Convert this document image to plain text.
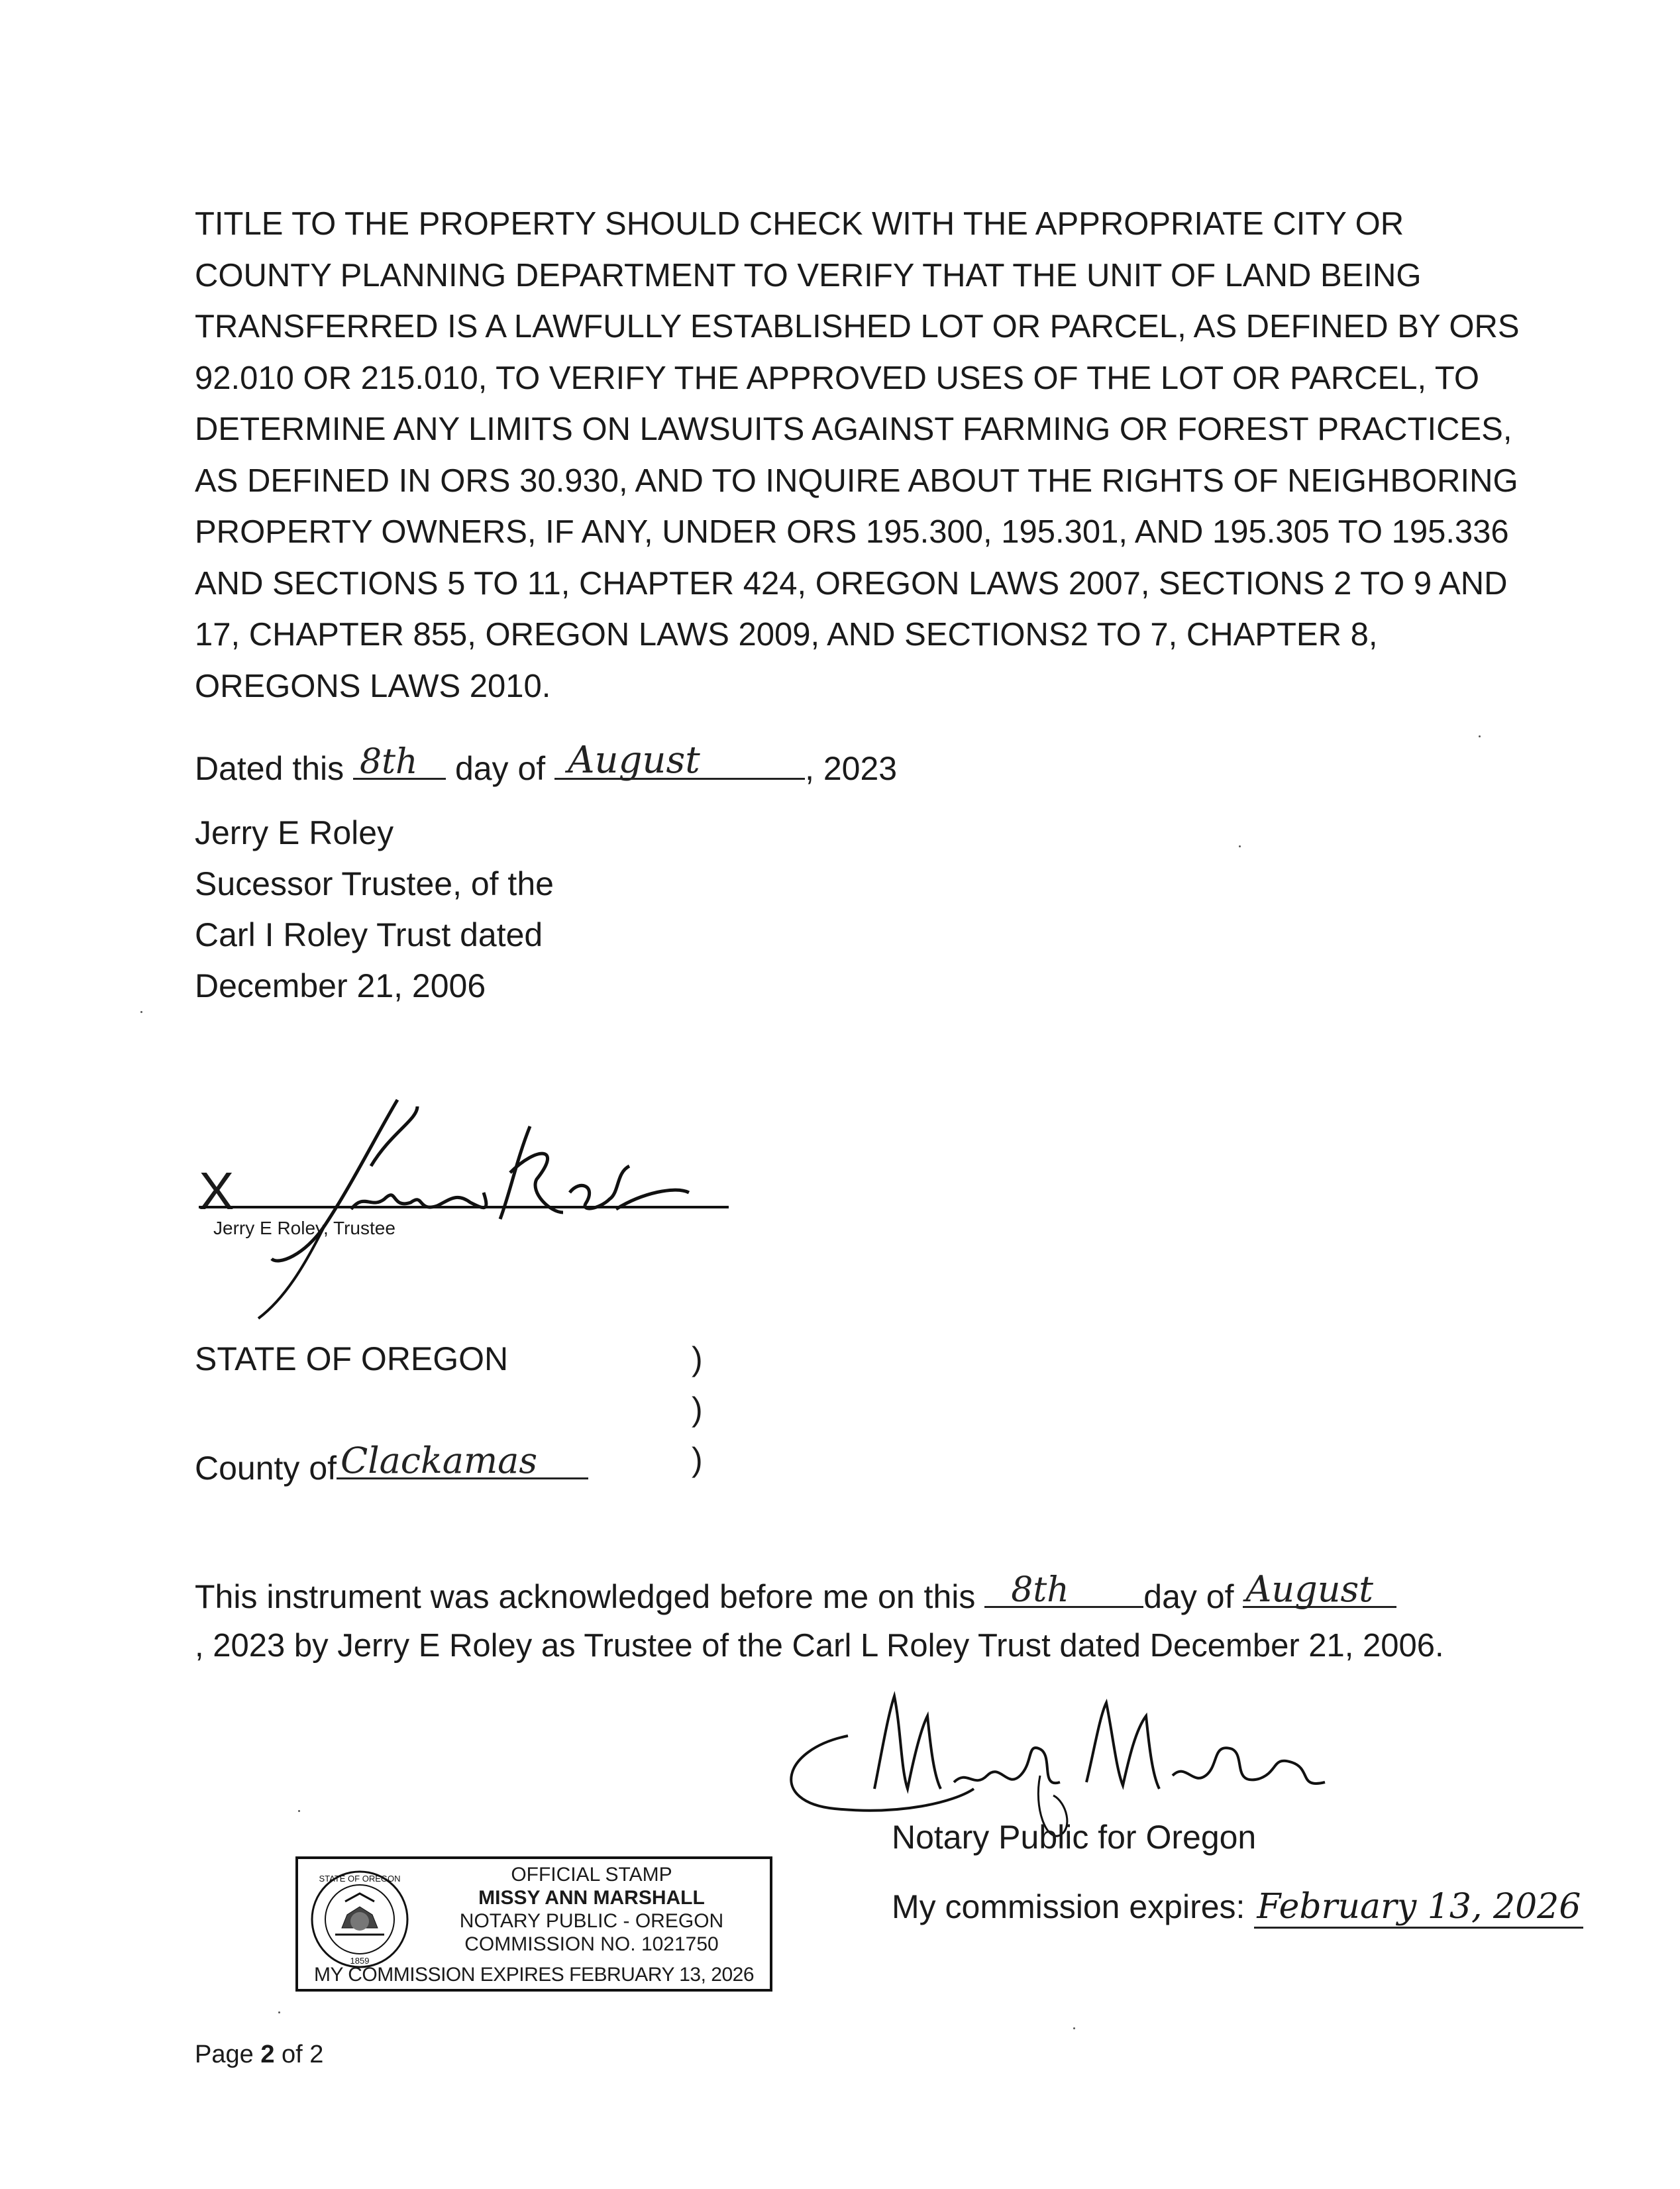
TITLE TO THE PROPERTY SHOULD CHECK WITH THE APPROPRIATE CITY OR COUNTY PLANNING DEPARTMENT TO VERIFY THAT THE UNIT OF LAND BEING TRANSFERRED IS A LAWFULLY ESTABLISHED LOT OR PARCEL, AS DEFINED BY ORS 92.010 OR 215.010, TO VERIFY THE APPROVED USES OF THE LOT OR PARCEL, TO DETERMINE ANY LIMITS ON LAWSUITS AGAINST FARMING OR FOREST PRACTICES, AS DEFINED IN ORS 30.930, AND TO INQUIRE ABOUT THE RIGHTS OF NEIGHBORING PROPERTY OWNERS, IF ANY, UNDER ORS 195.300, 195.301, AND 195.305 TO 195.336 AND SECTIONS 5 TO 11, CHAPTER 424, OREGON LAWS 2007, SECTIONS 2 TO 9 AND 17, CHAPTER 855, OREGON LAWS 2009, AND SECTIONS2 TO 7, CHAPTER 8, OREGONS LAWS 2010.

Dated this 8th day of August	, 2023
Jerry E Roley
Sucessor Trustee, of the
Carl I Roley Trust dated
December 21, 2006
X
Jerry E Roley, Trustee
STATE OF OREGON	)
)
)
County of Clackamas
This instrument was acknowledged before me on this 8th day of August

, 2023 by Jerry E Roley as Trustee of the Carl L Roley Trust dated December 21, 2006.

Notary Public for Oregon
My commission expires: February 13, 2026
STATE OF OREGON
1859
OFFICIAL STAMP
MISSY ANN MARSHALL
NOTARY PUBLIC - OREGON
COMMISSION NO. 1021750
MY COMMISSION EXPIRES FEBRUARY 13, 2026
Page 2 of 2
